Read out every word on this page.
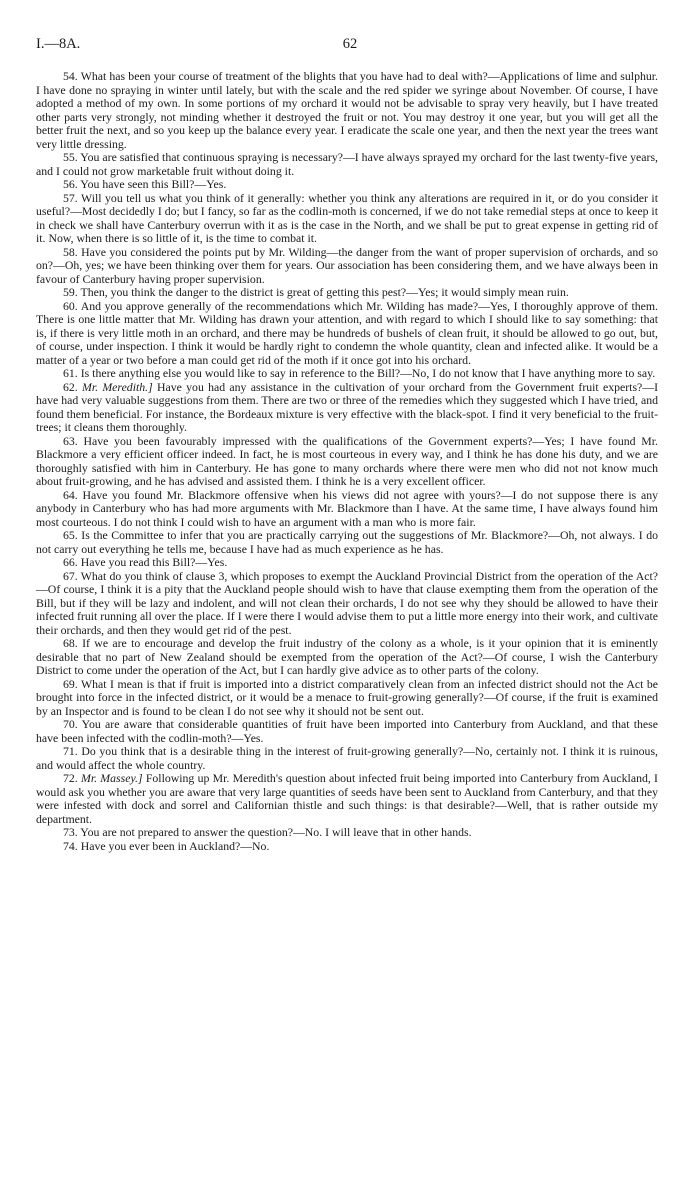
I.—8A.	62

54. What has been your course of treatment of the blights that you have had to deal with?—Applications of lime and sulphur. I have done no spraying in winter until lately, but with the scale and the red spider we syringe about November. Of course, I have adopted a method of my own. In some portions of my orchard it would not be advisable to spray very heavily, but I have treated other parts very strongly, not minding whether it destroyed the fruit or not. You may destroy it one year, but you will get all the better fruit the next, and so you keep up the balance every year. I eradicate the scale one year, and then the next year the trees want very little dressing.

55. You are satisfied that continuous spraying is necessary?—I have always sprayed my orchard for the last twenty-five years, and I could not grow marketable fruit without doing it.

56. You have seen this Bill?—Yes.

57. Will you tell us what you think of it generally: whether you think any alterations are required in it, or do you consider it useful?—Most decidedly I do; but I fancy, so far as the codlin-moth is concerned, if we do not take remedial steps at once to keep it in check we shall have Canterbury overrun with it as is the case in the North, and we shall be put to great expense in getting rid of it. Now, when there is so little of it, is the time to combat it.

58. Have you considered the points put by Mr. Wilding—the danger from the want of proper supervision of orchards, and so on?—Oh, yes; we have been thinking over them for years. Our association has been considering them, and we have always been in favour of Canterbury having proper supervision.

59. Then, you think the danger to the district is great of getting this pest?—Yes; it would simply mean ruin.

60. And you approve generally of the recommendations which Mr. Wilding has made?—Yes, I thoroughly approve of them. There is one little matter that Mr. Wilding has drawn your attention, and with regard to which I should like to say something: that is, if there is very little moth in an orchard, and there may be hundreds of bushels of clean fruit, it should be allowed to go out, but, of course, under inspection. I think it would be hardly right to condemn the whole quantity, clean and infected alike. It would be a matter of a year or two before a man could get rid of the moth if it once got into his orchard.

61. Is there anything else you would like to say in reference to the Bill?—No, I do not know that I have anything more to say.

62. Mr. Meredith.] Have you had any assistance in the cultivation of your orchard from the Government fruit experts?—I have had very valuable suggestions from them. There are two or three of the remedies which they suggested which I have tried, and found them beneficial. For instance, the Bordeaux mixture is very effective with the black-spot. I find it very beneficial to the fruit-trees; it cleans them thoroughly.

63. Have you been favourably impressed with the qualifications of the Government experts?—Yes; I have found Mr. Blackmore a very efficient officer indeed. In fact, he is most courteous in every way, and I think he has done his duty, and we are thoroughly satisfied with him in Canterbury. He has gone to many orchards where there were men who did not not know much about fruit-growing, and he has advised and assisted them. I think he is a very excellent officer.

64. Have you found Mr. Blackmore offensive when his views did not agree with yours?—I do not suppose there is any anybody in Canterbury who has had more arguments with Mr. Blackmore than I have. At the same time, I have always found him most courteous. I do not think I could wish to have an argument with a man who is more fair.

65. Is the Committee to infer that you are practically carrying out the suggestions of Mr. Blackmore?—Oh, not always. I do not carry out everything he tells me, because I have had as much experience as he has.

66. Have you read this Bill?—Yes.

67. What do you think of clause 3, which proposes to exempt the Auckland Provincial District from the operation of the Act?—Of course, I think it is a pity that the Auckland people should wish to have that clause exempting them from the operation of the Bill, but if they will be lazy and indolent, and will not clean their orchards, I do not see why they should be allowed to have their infected fruit running all over the place. If I were there I would advise them to put a little more energy into their work, and cultivate their orchards, and then they would get rid of the pest.

68. If we are to encourage and develop the fruit industry of the colony as a whole, is it your opinion that it is eminently desirable that no part of New Zealand should be exempted from the operation of the Act?—Of course, I wish the Canterbury District to come under the operation of the Act, but I can hardly give advice as to other parts of the colony.

69. What I mean is that if fruit is imported into a district comparatively clean from an infected district should not the Act be brought into force in the infected district, or it would be a menace to fruit-growing generally?—Of course, if the fruit is examined by an Inspector and is found to be clean I do not see why it should not be sent out.

70. You are aware that considerable quantities of fruit have been imported into Canterbury from Auckland, and that these have been infected with the codlin-moth?—Yes.

71. Do you think that is a desirable thing in the interest of fruit-growing generally?—No, certainly not. I think it is ruinous, and would affect the whole country.

72. Mr. Massey.] Following up Mr. Meredith's question about infected fruit being imported into Canterbury from Auckland, I would ask you whether you are aware that very large quantities of seeds have been sent to Auckland from Canterbury, and that they were infested with dock and sorrel and Californian thistle and such things: is that desirable?—Well, that is rather outside my department.

73. You are not prepared to answer the question?—No. I will leave that in other hands.

74. Have you ever been in Auckland?—No.
